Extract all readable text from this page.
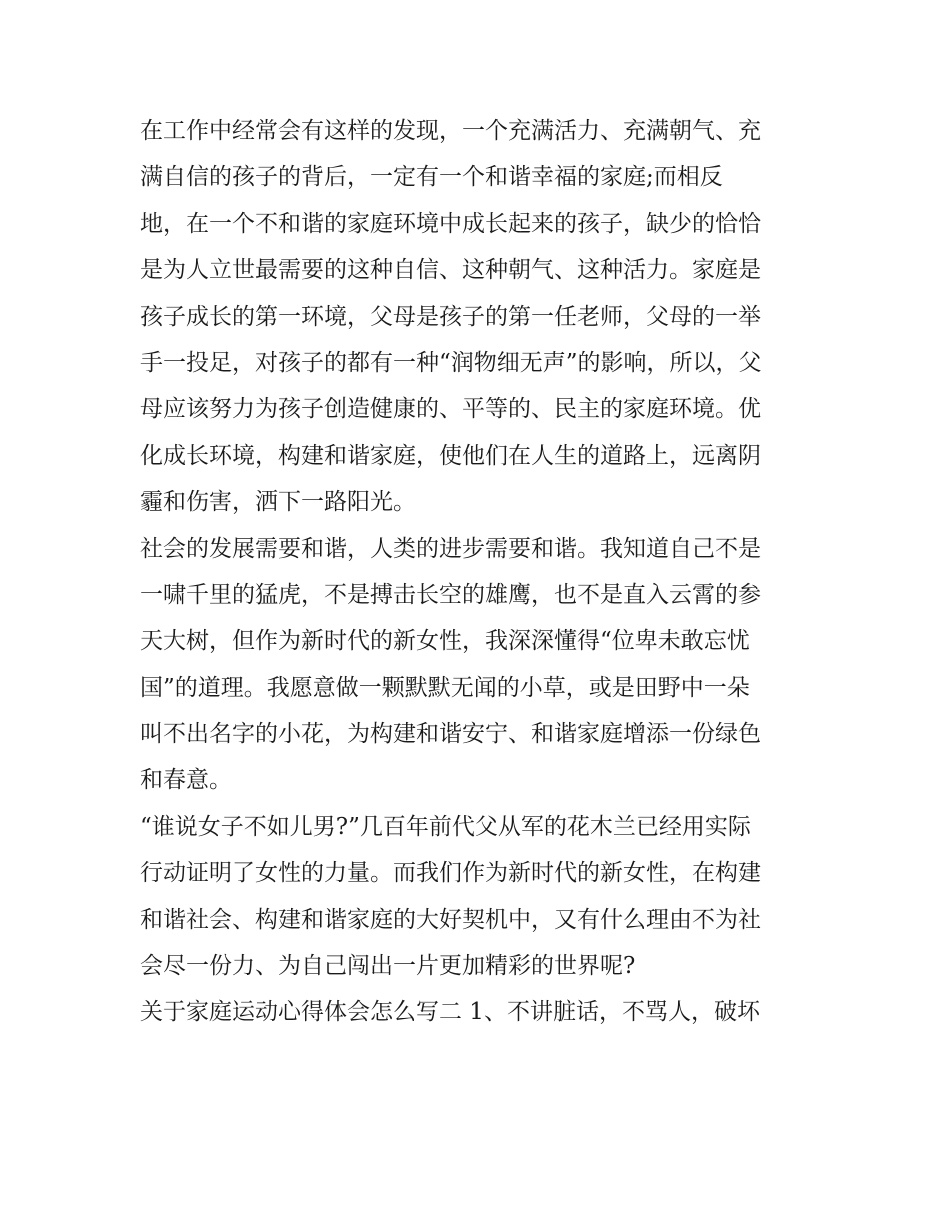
在工作中经常会有这样的发现，一个充满活力、充满朝气、充
满自信的孩子的背后，一定有一个和谐幸福的家庭;而相反
地，在一个不和谐的家庭环境中成长起来的孩子，缺少的恰恰
是为人立世最需要的这种自信、这种朝气、这种活力。家庭是
孩子成长的第一环境，父母是孩子的第一任老师，父母的一举
手一投足，对孩子的都有一种“润物细无声”的影响，所以，父
母应该努力为孩子创造健康的、平等的、民主的家庭环境。优
化成长环境，构建和谐家庭，使他们在人生的道路上，远离阴
霾和伤害，洒下一路阳光。
社会的发展需要和谐，人类的进步需要和谐。我知道自己不是
一啸千里的猛虎，不是搏击长空的雄鹰，也不是直入云霄的参
天大树，但作为新时代的新女性，我深深懂得“位卑未敢忘忧
国”的道理。我愿意做一颗默默无闻的小草，或是田野中一朵
叫不出名字的小花，为构建和谐安宁、和谐家庭增添一份绿色
和春意。
“谁说女子不如儿男?”几百年前代父从军的花木兰已经用实际
行动证明了女性的力量。而我们作为新时代的新女性，在构建
和谐社会、构建和谐家庭的大好契机中，又有什么理由不为社
会尽一份力、为自己闯出一片更加精彩的世界呢?
关于家庭运动心得体会怎么写二 1、不讲脏话，不骂人，破坏
